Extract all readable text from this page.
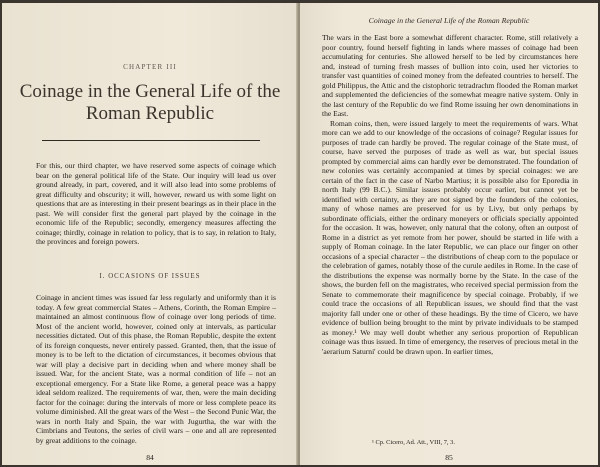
CHAPTER III
Coinage in the General Life of the Roman Republic
For this, our third chapter, we have reserved some aspects of coinage which bear on the general political life of the State. Our inquiry will lead us over ground already, in part, covered, and it will also lead into some problems of great difficulty and obscurity; it will, however, reward us with some light on questions that are as interesting in their present bearings as in their place in the past. We will consider first the general part played by the coinage in the economic life of the Republic; secondly, emergency measures affecting the coinage; thirdly, coinage in relation to policy, that is to say, in relation to Italy, the provinces and foreign powers.
I. OCCASIONS OF ISSUES
Coinage in ancient times was issued far less regularly and uniformly than it is today. A few great commercial States – Athens, Corinth, the Roman Empire – maintained an almost continuous flow of coinage over long periods of time. Most of the ancient world, however, coined only at intervals, as particular necessities dictated. Out of this phase, the Roman Republic, despite the extent of its foreign conquests, never entirely passed. Granted, then, that the issue of money is to be left to the dictation of circumstances, it becomes obvious that war will play a decisive part in deciding when and where money shall be issued. War, for the ancient State, was a normal condition of life – not an exceptional emergency. For a State like Rome, a general peace was a happy ideal seldom realized. The requirements of war, then, were the main deciding factor for the coinage: during the intervals of more or less complete peace its volume diminished. All the great wars of the West – the Second Punic War, the wars in north Italy and Spain, the war with Jugurtha, the war with the Cimbrians and Teutons, the series of civil wars – one and all are represented by great additions to the coinage.
84
Coinage in the General Life of the Roman Republic

The wars in the East bore a somewhat different character. Rome, still relatively a poor country, found herself fighting in lands where masses of coinage had been accumulating for centuries. She allowed herself to be led by circumstances here and, instead of turning fresh masses of bullion into coin, used her victories to transfer vast quantities of coined money from the defeated countries to herself. The gold Philippus, the Attic and the cistophoric tetradrachm flooded the Roman market and supplemented the deficiencies of the somewhat meagre native system. Only in the last century of the Republic do we find Rome issuing her own denominations in the East.

Roman coins, then, were issued largely to meet the requirements of wars. What more can we add to our knowledge of the occasions of coinage? Regular issues for purposes of trade can hardly be proved. The regular coinage of the State must, of course, have served the purposes of trade as well as war, but special issues prompted by commercial aims can hardly ever be demonstrated. The foundation of new colonies was certainly accompanied at times by special coinages: we are certain of the fact in the case of Narbo Martius; it is possible also for Eporedia in north Italy (99 B.C.). Similar issues probably occur earlier, but cannot yet be identified with certainty, as they are not signed by the founders of the colonies, many of whose names are preserved for us by Livy, but only perhaps by subordinate officials, either the ordinary moneyers or officials specially appointed for the occasion. It was, however, only natural that the colony, often an outpost of Rome in a district as yet remote from her power, should be started in life with a supply of Roman coinage. In the later Republic, we can place our finger on other occasions of a special character – the distributions of cheap corn to the populace or the celebration of games, notably those of the curule aediles in Rome. In the case of the distributions the expense was normally borne by the State. In the case of the shows, the burden fell on the magistrates, who received special permission from the Senate to commemorate their magnificence by special coinage. Probably, if we could trace the occasions of all Republican issues, we should find that the vast majority fall under one or other of these headings. By the time of Cicero, we have evidence of bullion being brought to the mint by private individuals to be stamped as money.¹ We may well doubt whether any serious proportion of Republican coinage was thus issued. In time of emergency, the reserves of precious metal in the 'aerarium Saturni' could be drawn upon. In earlier times,

¹ Cp. Cicero, Ad. Att., VIII, 7, 3.
85
